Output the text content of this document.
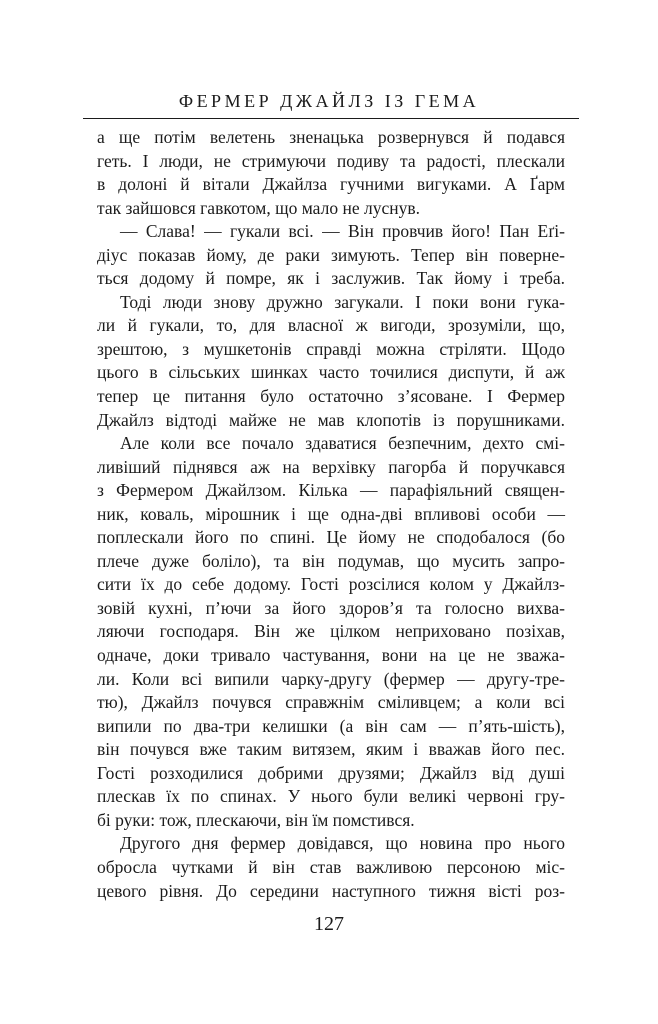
ФЕРМЕР ДЖАЙЛЗ ІЗ ГЕМА
а ще потім велетень зненацька розвернувся й подався
геть. І люди, не стримуючи подиву та радості, плескали
в долоні й вітали Джайлза гучними вигуками. А Ґарм
так зайшовся гавкотом, що мало не луснув.
— Слава! — гукали всі. — Він провчив його! Пан Еґі-
діус показав йому, де раки зимують. Тепер він поверне-
ться додому й помре, як і заслужив. Так йому і треба.
Тоді люди знову дружно загукали. І поки вони гука-
ли й гукали, то, для власної ж вигоди, зрозуміли, що,
зрештою, з мушкетонів справді можна стріляти. Щодо
цього в сільських шинках часто точилися диспути, й аж
тепер це питання було остаточно з’ясоване. І Фермер
Джайлз відтоді майже не мав клопотів із порушниками.
Але коли все почало здаватися безпечним, дехто смі-
ливіший піднявся аж на верхівку пагорба й поручкався
з Фермером Джайлзом. Кілька — парафіяльний священ-
ник, коваль, мірошник і ще одна-дві впливові особи —
поплескали його по спині. Це йому не сподобалося (бо
плече дуже боліло), та він подумав, що мусить запро-
сити їх до себе додому. Гості розсілися колом у Джайлз-
зовій кухні, п’ючи за його здоров’я та голосно вихва-
ляючи господаря. Він же цілком неприховано позіхав,
одначе, доки тривало частування, вони на це не зважа-
ли. Коли всі випили чарку-другу (фермер — другу-тре-
тю), Джайлз почувся справжнім сміливцем; а коли всі
випили по два-три келишки (а він сам — п’ять-шість),
він почувся вже таким витязем, яким і вважав його пес.
Гості розходилися добрими друзями; Джайлз від душі
плескав їх по спинах. У нього були великі червоні гру-
бі руки: тож, плескаючи, він їм помстився.
Другого дня фермер довідався, що новина про нього
обросла чутками й він став важливою персоною міс-
цевого рівня. До середини наступного тижня вісті роз-
127
